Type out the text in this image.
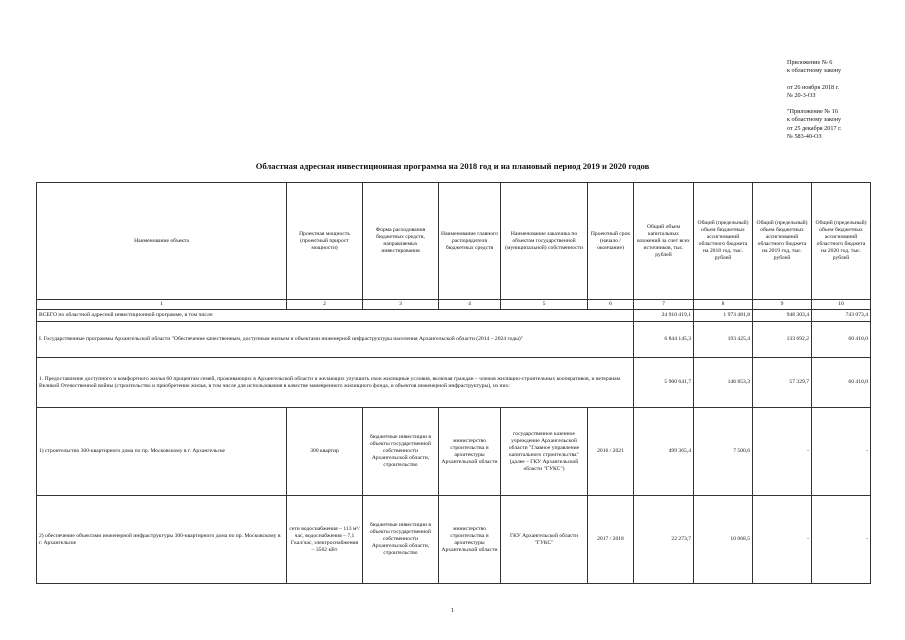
Приложение № 6
к областному закону
от 26 ноября 2018 г.
№ 20-3-ОЗ
"Приложение № 16
к областному закону
от 25 декабря 2017 г.
№ 583-40-ОЗ
Областная адресная инвестиционная программа на 2018 год и на плановый период 2019 и 2020 годов
Наименование объекта	Проектная мощность (проектный прирост мощности)	Форма расходования бюджетных средств, направляемых инвестирования	Наименование главного распорядителя бюджетных средств	Наименование заказчика по объектам государственной (муниципальной) собственности	Проектный срок (начало / окончание)	Общий объем капитальных вложений за счет всех источников, тыс. рублей	Общий (предельный) объем бюджетных ассигнований областного бюджета на 2018 год, тыс. рублей	Общий (предельный) объем бюджетных ассигнований областного бюджета на 2019 год, тыс. рублей	Общий (предельный) объем бюджетных ассигнований областного бюджета на 2020 год, тыс. рублей
1	2	3	4	5	6	7	8	9	10
ВСЕГО по областной адресной инвестиционной программе, в том числе:						24 910 419,1	1 973 481,8	948 303,4	743 073,4
I. Государственные программы Архангельской области "Обеспечение качественным, доступным жильем и объектами инженерной инфраструктуры населения Архангельской области (2014 – 2024 годы)"						6 844 145,3	193 425,4	133 692,2	60 410,0
1. Предоставление доступного и комфортного жилья 60 процентам семей, проживающих в Архангельской области и желающих улучшить свои жилищные условия, включая граждан – членов жилищно-строительных кооперативов, и ветеранам Великой Отечественной войны (строительство и приобретение жилья, в том числе для использования в качестве маневренного жилищного фонда, и объектов инженерной инфраструктуры), из них:						5 900 641,7	146 853,3	57 329,7	60 410,0
1) строительство 300-квартирного дома по пр. Московскому в г. Архангельске	300 квартир	бюджетные инвестиции в объекты государственной собственности Архангельской области, строительство	министерство строительства и архитектуры Архангельской области	государственное казенное учреждение Архангельской области "Главное управление капитального строительства" (далее – ГКУ Архангельской области "ГУКС")	2016 / 2021	499 365,4	7 500,6	-	-
2) обеспечение объектами инженерной инфраструктуры 300-квартирного дома по пр. Московскому в г. Архангельске	сети водоснабжения – 113 м³/час, водоснабжения – 7,1 Гкал/час, электроснабжения – 3562 кВт	бюджетные инвестиции в объекты государственной собственности Архангельской области, строительство	министерство строительства и архитектуры Архангельской области	ГКУ Архангельской области "ГУКС"	2017 / 2018	22 273,7	10 068,5	-	-
1
